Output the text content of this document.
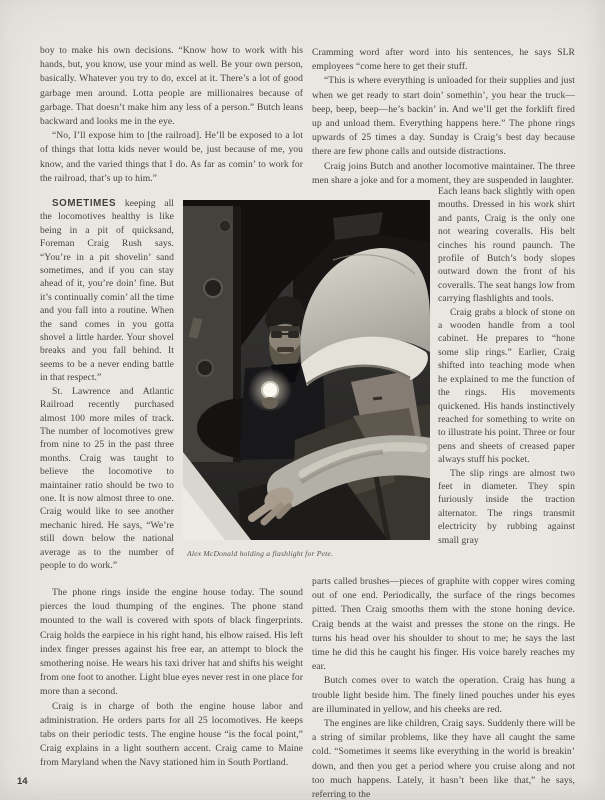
boy to make his own decisions. “Know how to work with his hands, but, you know, use your mind as well. Be your own person, basically. Whatever you try to do, excel at it. There’s a lot of good garbage men around. Lotta people are millionaires because of garbage. That doesn’t make him any less of a person.” Butch leans backward and looks me in the eye.

“No, I’ll expose him to [the railroad]. He’ll be exposed to a lot of things that lotta kids never would be, just because of me, you know, and the varied things that I do. As far as comin’ to work for the railroad, that’s up to him.”

SOMETIMES keeping all the locomotives healthy is like being in a pit of quicksand, Foreman Craig Rush says. “You’re in a pit shovelin’ sand sometimes, and if you can stay ahead of it, you’re doin’ fine. But it’s continually comin’ all the time and you fall into a routine. When the sand comes in you gotta shovel a little harder. Your shovel breaks and you fall behind. It seems to be a never ending battle in that respect.”

St. Lawrence and Atlantic Railroad recently purchased almost 100 more miles of track. The number of locomotives grew from nine to 25 in the past three months. Craig was taught to believe the locomotive to maintainer ratio should be two to one. It is now almost three to one. Craig would like to see another mechanic hired. He says, “We’re still down below the national average as to the number of people to do work.”

Alex McDonald holding a flashlight for Pete.

The phone rings inside the engine house today. The sound pierces the loud thumping of the engines. The phone stand mounted to the wall is covered with spots of black fingerprints. Craig holds the earpiece in his right hand, his elbow raised. His left index finger presses against his free ear, an attempt to block the smothering noise. He wears his taxi driver hat and shifts his weight from one foot to another. Light blue eyes never rest in one place for more than a second.

Craig is in charge of both the engine house labor and administration. He orders parts for all 25 locomotives. He keeps tabs on their periodic tests. The engine house “is the focal point,” Craig explains in a light southern accent. Craig came to Maine from Maryland when the Navy stationed him in South Portland.

Cramming word after word into his sentences, he says SLR employees “come here to get their stuff.

“This is where everything is unloaded for their supplies and just when we get ready to start doin’ somethin’, you hear the truck—beep, beep, beep—he’s backin’ in. And we’ll get the forklift fired up and unload them. Everything happens here.” The phone rings upwards of 25 times a day. Sunday is Craig’s best day because there are few phone calls and outside distractions.

Craig joins Butch and another locomotive maintainer. The three men share a joke and for a moment, they are suspended in laughter.

Each leans back slightly with open mouths. Dressed in his work shirt and pants, Craig is the only one not wearing coveralls. His belt cinches his round paunch. The profile of Butch’s body slopes outward down the front of his coveralls. The seat hangs low from carrying flashlights and tools.

Craig grabs a block of stone on a wooden handle from a tool cabinet. He prepares to “hone some slip rings.” Earlier, Craig shifted into teaching mode when he explained to me the function of the rings. His movements quickened. His hands instinctively reached for something to write on to illustrate his point. Three or four pens and sheets of creased paper always stuff his pocket.

The slip rings are almost two feet in diameter. They spin furiously inside the traction alternator. The rings transmit electricity by rubbing against small gray

parts called brushes—pieces of graphite with copper wires coming out of one end. Periodically, the surface of the rings becomes pitted. Then Craig smooths them with the stone honing device. Craig bends at the waist and presses the stone on the rings. He turns his head over his shoulder to shout to me; he says the last time he did this he caught his finger. His voice barely reaches my ear.

Butch comes over to watch the operation. Craig has hung a trouble light beside him. The finely lined pouches under his eyes are illuminated in yellow, and his cheeks are red.

The engines are like children, Craig says. Suddenly there will be a string of similar problems, like they have all caught the same cold. “Sometimes it seems like everything in the world is breakin’ down, and then you get a period where you cruise along and not too much happens. Lately, it hasn’t been like that,” he says, referring to the

14
